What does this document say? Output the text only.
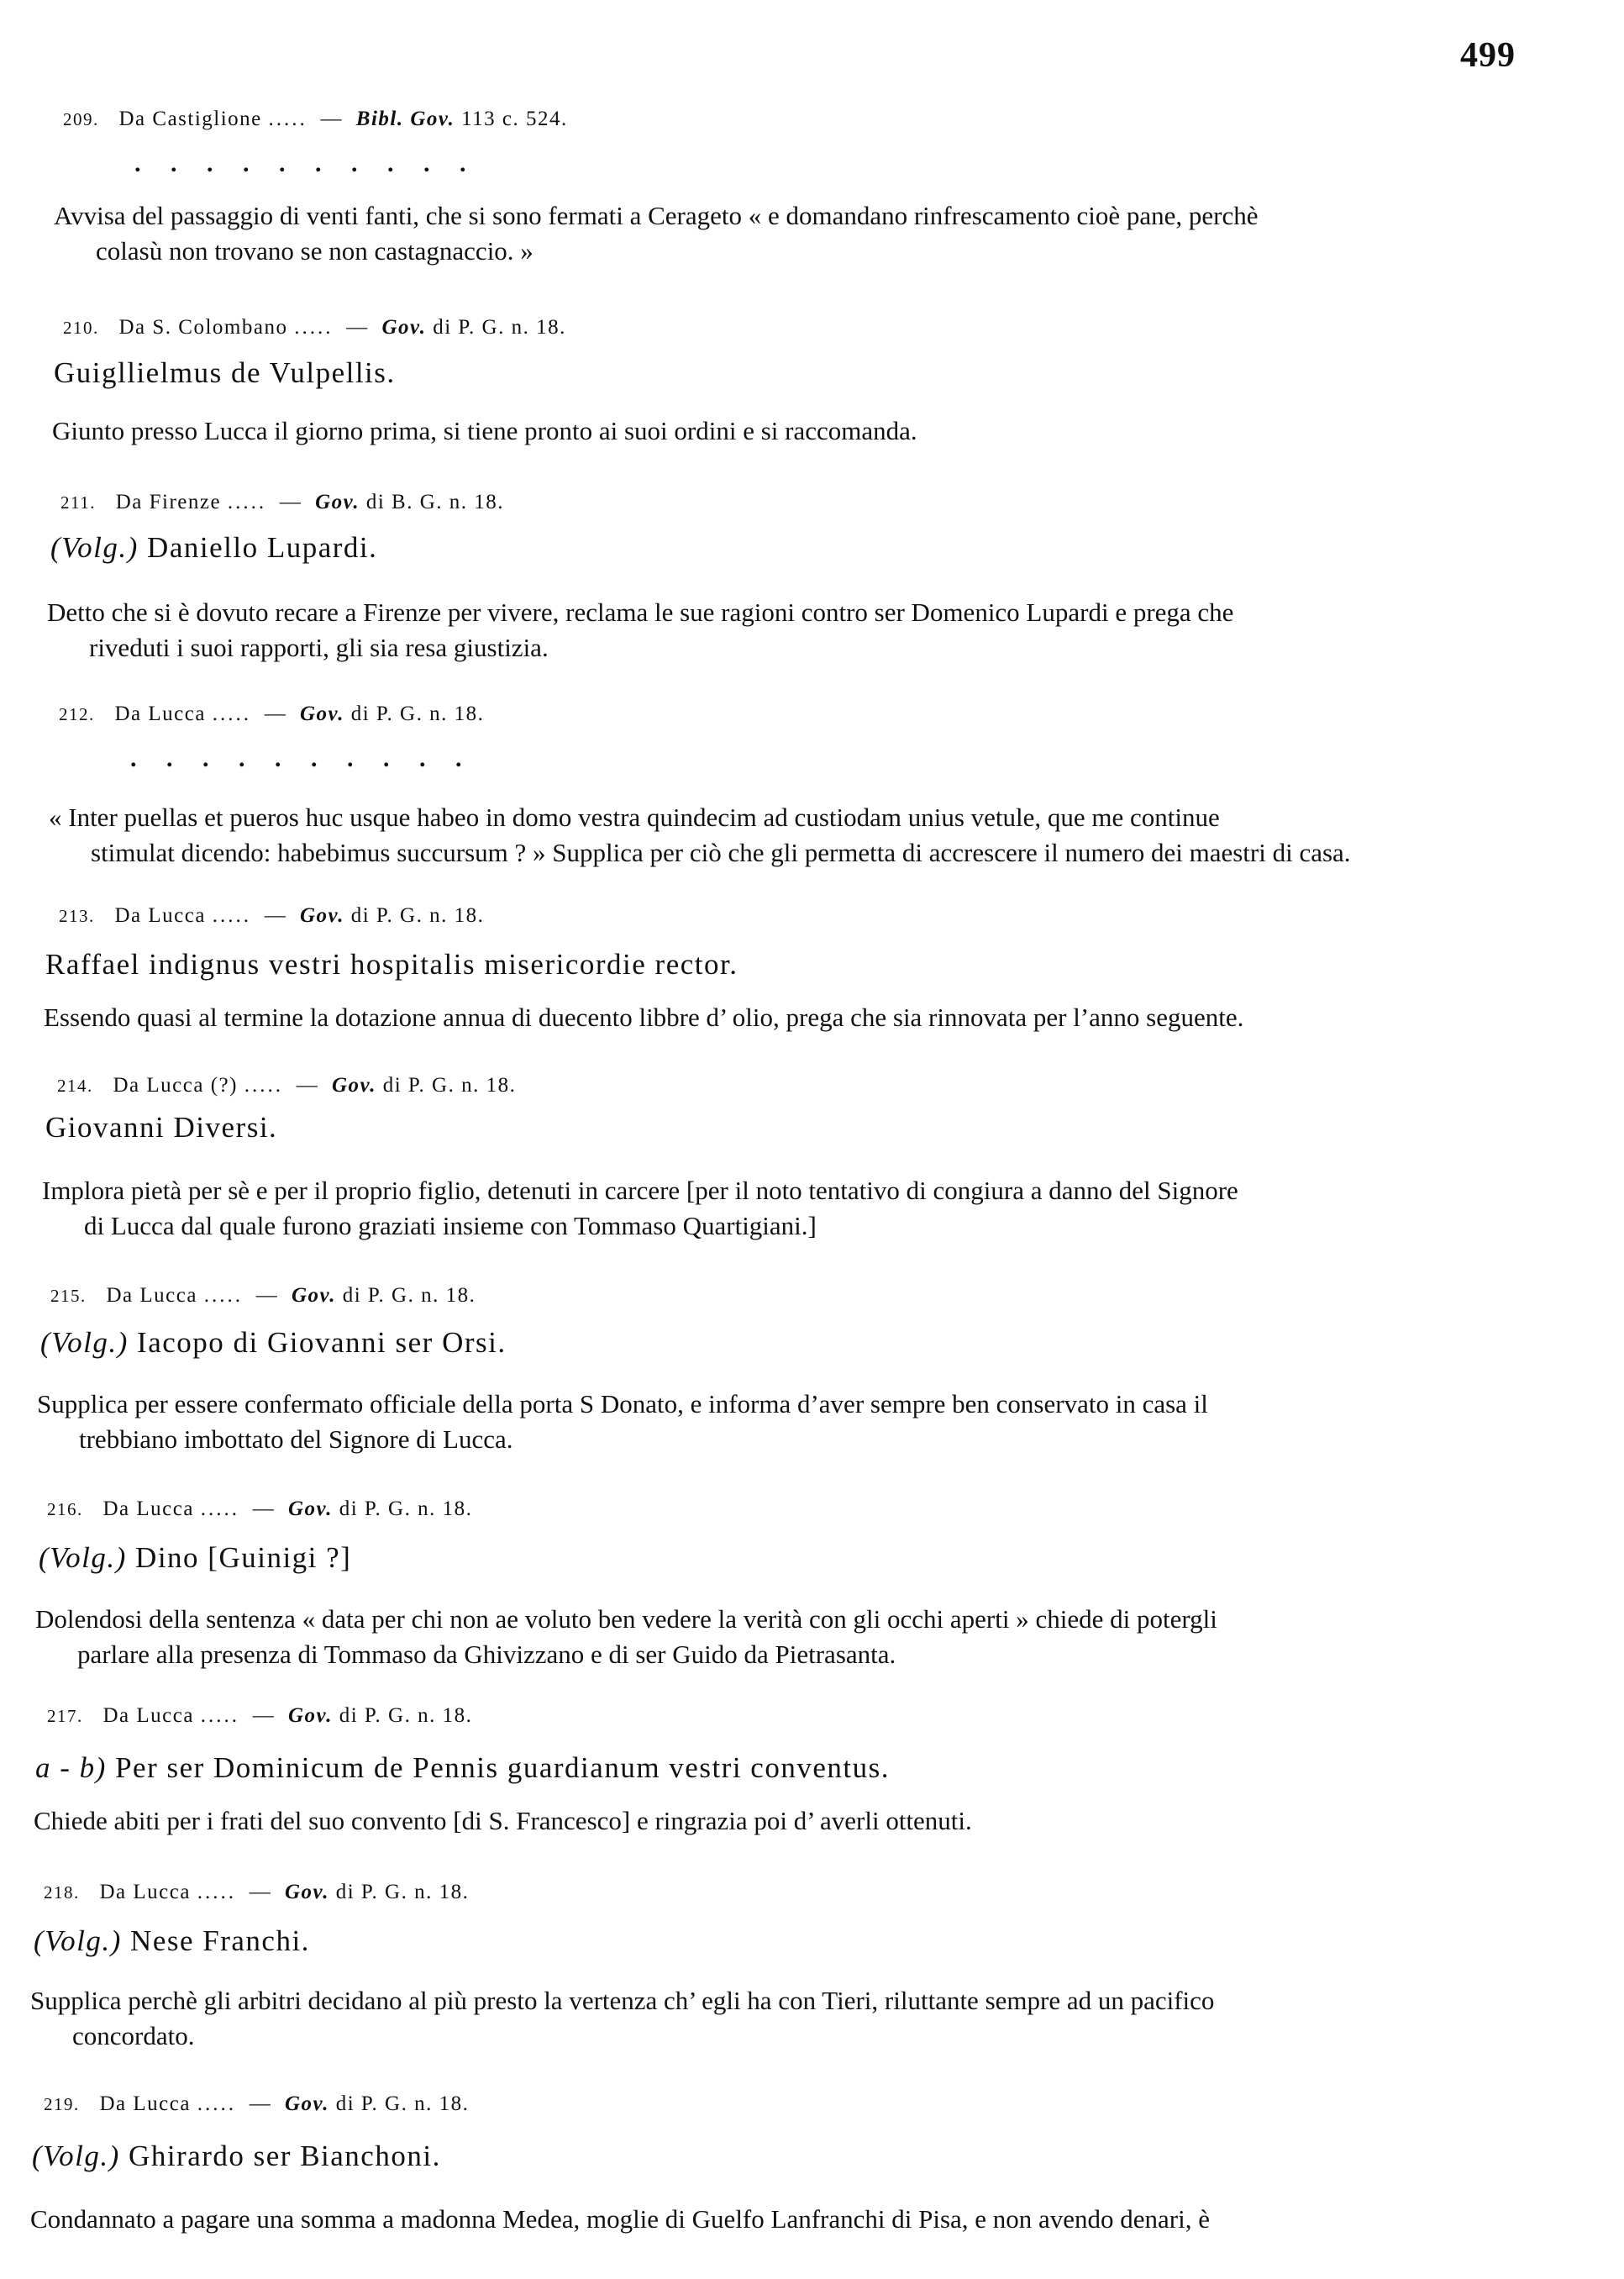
499
209. Da Castiglione ..... — Bibl. Gov. 113 c. 524.
. . . . . . . . . .
Avvisa del passaggio di venti fanti, che si sono fermati a Cerageto « e domandano rinfrescamento cioè pane, perchè
colasù non trovano se non castagnaccio. »
210. Da S. Colombano ..... — Gov. di P. G. n. 18.
Guigllielmus de Vulpellis.
Giunto presso Lucca il giorno prima, si tiene pronto ai suoi ordini e si raccomanda.
211. Da Firenze ..... — Gov. di B. G. n. 18.
(Volg.) Daniello Lupardi.
Detto che si è dovuto recare a Firenze per vivere, reclama le sue ragioni contro ser Domenico Lupardi e prega che
riveduti i suoi rapporti, gli sia resa giustizia.
212. Da Lucca ..... — Gov. di P. G. n. 18.
. . . . . . . . . .
« Inter puellas et pueros huc usque habeo in domo vestra quindecim ad custiodam unius vetule, que me continue
stimulat dicendo: habebimus succursum ? » Supplica per ciò che gli permetta di accrescere il numero dei maestri di casa.
213. Da Lucca ..... — Gov. di P. G. n. 18.
Raffael indignus vestri hospitalis misericordie rector.
Essendo quasi al termine la dotazione annua di duecento libbre d’ olio, prega che sia rinnovata per l’anno seguente.
214. Da Lucca (?) ..... — Gov. di P. G. n. 18.
Giovanni Diversi.
Implora pietà per sè e per il proprio figlio, detenuti in carcere [per il noto tentativo di congiura a danno del Signore
di Lucca dal quale furono graziati insieme con Tommaso Quartigiani.]
215. Da Lucca ..... — Gov. di P. G. n. 18.
(Volg.) Iacopo di Giovanni ser Orsi.
Supplica per essere confermato officiale della porta S Donato, e informa d’aver sempre ben conservato in casa il
trebbiano imbottato del Signore di Lucca.
216. Da Lucca ..... — Gov. di P. G. n. 18.
(Volg.) Dino [Guinigi ?]
Dolendosi della sentenza « data per chi non ae voluto ben vedere la verità con gli occhi aperti » chiede di potergli
parlare alla presenza di Tommaso da Ghivizzano e di ser Guido da Pietrasanta.
217. Da Lucca ..... — Gov. di P. G. n. 18.
a - b) Per ser Dominicum de Pennis guardianum vestri conventus.
Chiede abiti per i frati del suo convento [di S. Francesco] e ringrazia poi d’ averli ottenuti.
218. Da Lucca ..... — Gov. di P. G. n. 18.
(Volg.) Nese Franchi.
Supplica perchè gli arbitri decidano al più presto la vertenza ch’ egli ha con Tieri, riluttante sempre ad un pacifico
concordato.
219. Da Lucca ..... — Gov. di P. G. n. 18.
(Volg.) Ghirardo ser Bianchoni.
Condannato a pagare una somma a madonna Medea, moglie di Guelfo Lanfranchi di Pisa, e non avendo denari, è
